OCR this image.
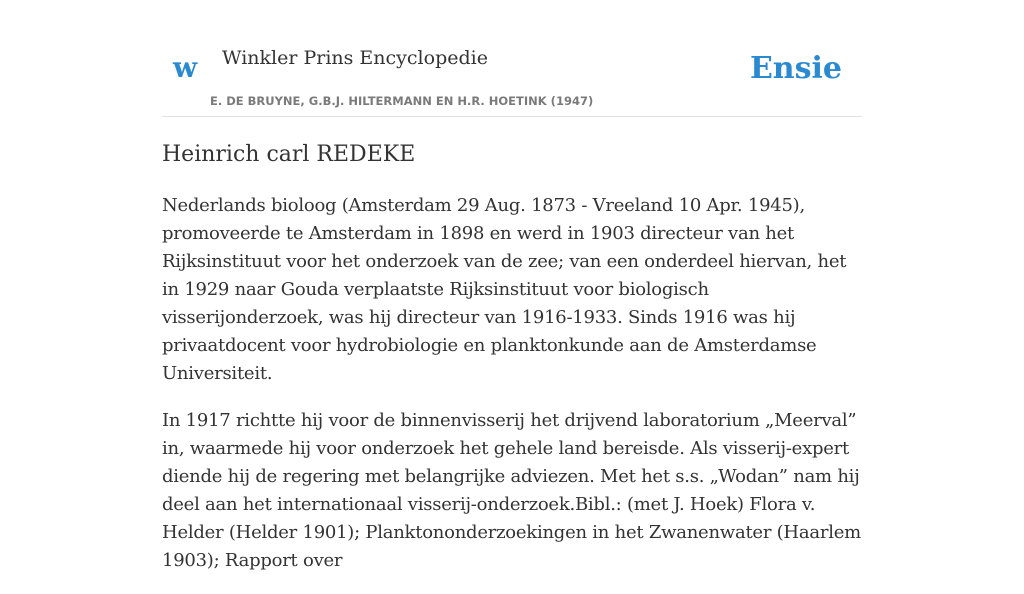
w Winkler Prins Encyclopedie
E. DE BRUYNE, G.B.J. HILTERMANN EN H.R. HOETINK (1947)
Ensie
Heinrich carl REDEKE

Nederlands bioloog (Amsterdam 29 Aug. 1873 - Vreeland 10 Apr. 1945), promoveerde te Amsterdam in 1898 en werd in 1903 directeur van het Rijksinstituut voor het onderzoek van de zee; van een onderdeel hiervan, het in 1929 naar Gouda verplaatste Rijksinstituut voor biologisch visserijonderzoek, was hij directeur van 1916-1933. Sinds 1916 was hij privaatdocent voor hydrobiologie en planktonkunde aan de Amsterdamse Universiteit.

In 1917 richtte hij voor de binnenvisserij het drijvend laboratorium „Meerval” in, waarmede hij voor onderzoek het gehele land bereisde. Als visserij-expert diende hij de regering met belangrijke adviezen. Met het s.s. „Wodan” nam hij deel aan het internationaal visserij-onderzoek.Bibl.: (met J. Hoek) Flora v. Helder (Helder 1901); Planktononderzoekingen in het Zwanenwater (Haarlem 1903); Rapport over
